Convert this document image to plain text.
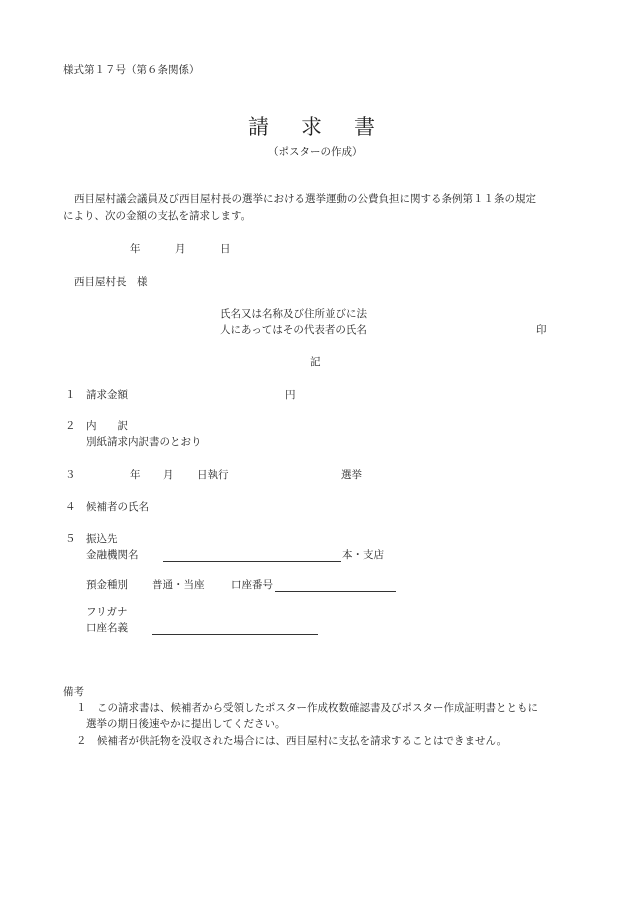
様式第１７号（第６条関係）
請 求 書
（ポスターの作成）
西目屋村議会議員及び西目屋村長の選挙における選挙運動の公費負担に関する条例第１１条の規定
により、次の金額の支払を請求します。
年	月	日
西目屋村長　様
氏名又は名称及び住所並びに法
人にあってはその代表者の氏名	印
記
１ 請求金額	円
２ 内　　訳
別紙請求内訳書のとおり
３	年 月 日執行	選挙
４ 候補者の氏名
５ 振込先
金融機関名	本・支店
預金種別 普通・当座	口座番号
フリガナ
口座名義
備考
１ この請求書は、候補者から受領したポスター作成枚数確認書及びポスター作成証明書とともに
選挙の期日後速やかに提出してください。
２ 候補者が供託物を没収された場合には、西目屋村に支払を請求することはできません。
